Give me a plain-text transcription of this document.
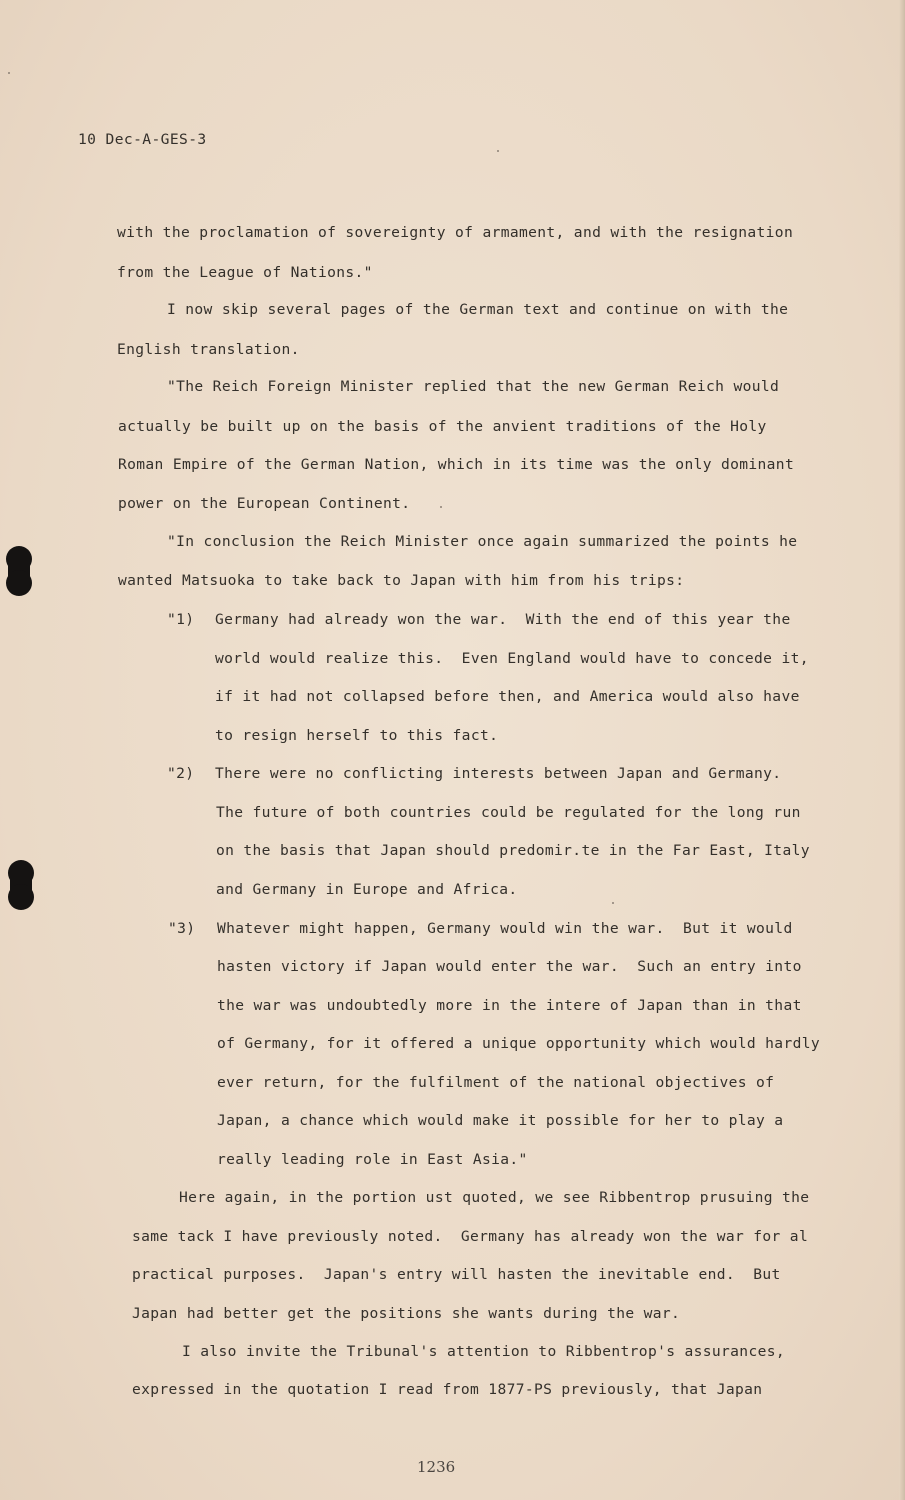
10 Dec-A-GES-3
with the proclamation of sovereignty of armament, and with the resignation
from the League of Nations."
I now skip several pages of the German text and continue on with the
English translation.
"The Reich Foreign Minister replied that the new German Reich would
actually be built up on the basis of the anvient traditions of the Holy
Roman Empire of the German Nation, which in its time was the only dominant
power on the European Continent.
"In conclusion the Reich Minister once again summarized the points he
wanted Matsuoka to take back to Japan with him from his trips:
"1) Germany had already won the war.  With the end of this year the
world would realize this.  Even England would have to concede it,
if it had not collapsed before then, and America would also have
to resign herself to this fact.
"2) There were no conflicting interests between Japan and Germany.
The future of both countries could be regulated for the long run
on the basis that Japan should predomir.te in the Far East, Italy
and Germany in Europe and Africa.
"3) Whatever might happen, Germany would win the war.  But it would
hasten victory if Japan would enter the war.  Such an entry into
the war was undoubtedly more in the intere of Japan than in that
of Germany, for it offered a unique opportunity which would hardly
ever return, for the fulfilment of the national objectives of
Japan, a chance which would make it possible for her to play a
really leading role in East Asia."
Here again, in the portion ust quoted, we see Ribbentrop prusuing the
same tack I have previously noted.  Germany has already won the war for al
practical purposes.  Japan's entry will hasten the inevitable end.  But
Japan had better get the positions she wants during the war.
I also invite the Tribunal's attention to Ribbentrop's assurances,
expressed in the quotation I read from 1877-PS previously, that Japan
1236
